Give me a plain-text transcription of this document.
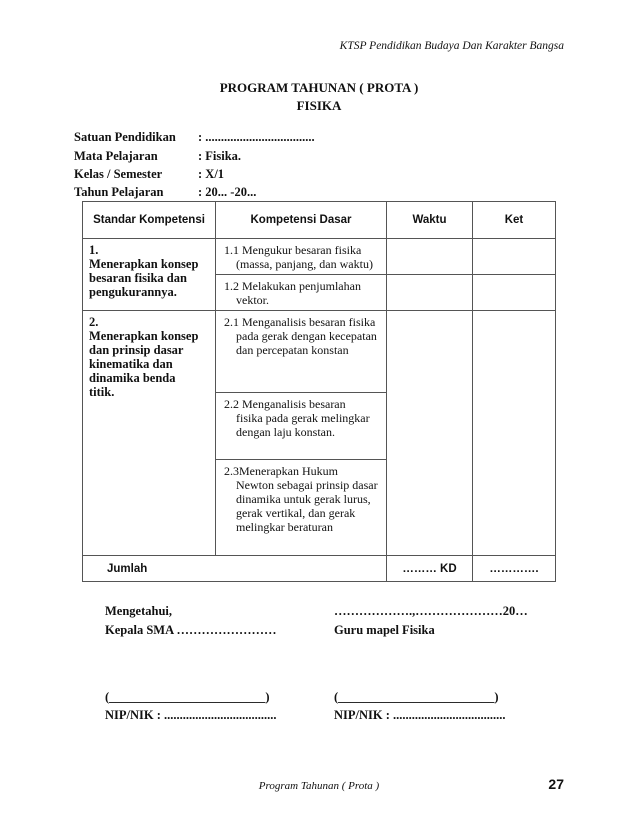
KTSP Pendidikan Budaya Dan Karakter Bangsa
PROGRAM TAHUNAN ( PROTA )
FISIKA
Satuan Pendidikan : ...................................
Mata Pelajaran	: Fisika.
Kelas / Semester	: X/1
Tahun Pelajaran	: 20... -20...
Standar Kompetensi	Kompetensi Dasar	Waktu	Ket
1.Menerapkan konsep besaran fisika dan pengukurannya.	1.1 Mengukur besaran fisika
(massa, panjang, dan waktu)		

	1.2 Melakukan penjumlahan
vektor.		

2.Menerapkan konsep dan prinsip dasar kinematika dan dinamika benda titik.	2.1 Menganalisis besaran fisika
pada gerak dengan kecepatan dan percepatan konstan		

	2.2 Menganalisis besaran
fisika pada gerak melingkar dengan laju konstan.		

	2.3Menerapkan Hukum
Newton sebagai prinsip dasar dinamika untuk gerak lurus, gerak vertikal, dan gerak melingkar beraturan		

Jumlah		……… KD	………….
Mengetahui,
Kepala SMA ……………………
……………….,…………………20…
Guru mapel Fisika
(_________________________)
NIP/NIK : ....................................
(_________________________)
NIP/NIK : ....................................
Program Tahunan ( Prota )	27
